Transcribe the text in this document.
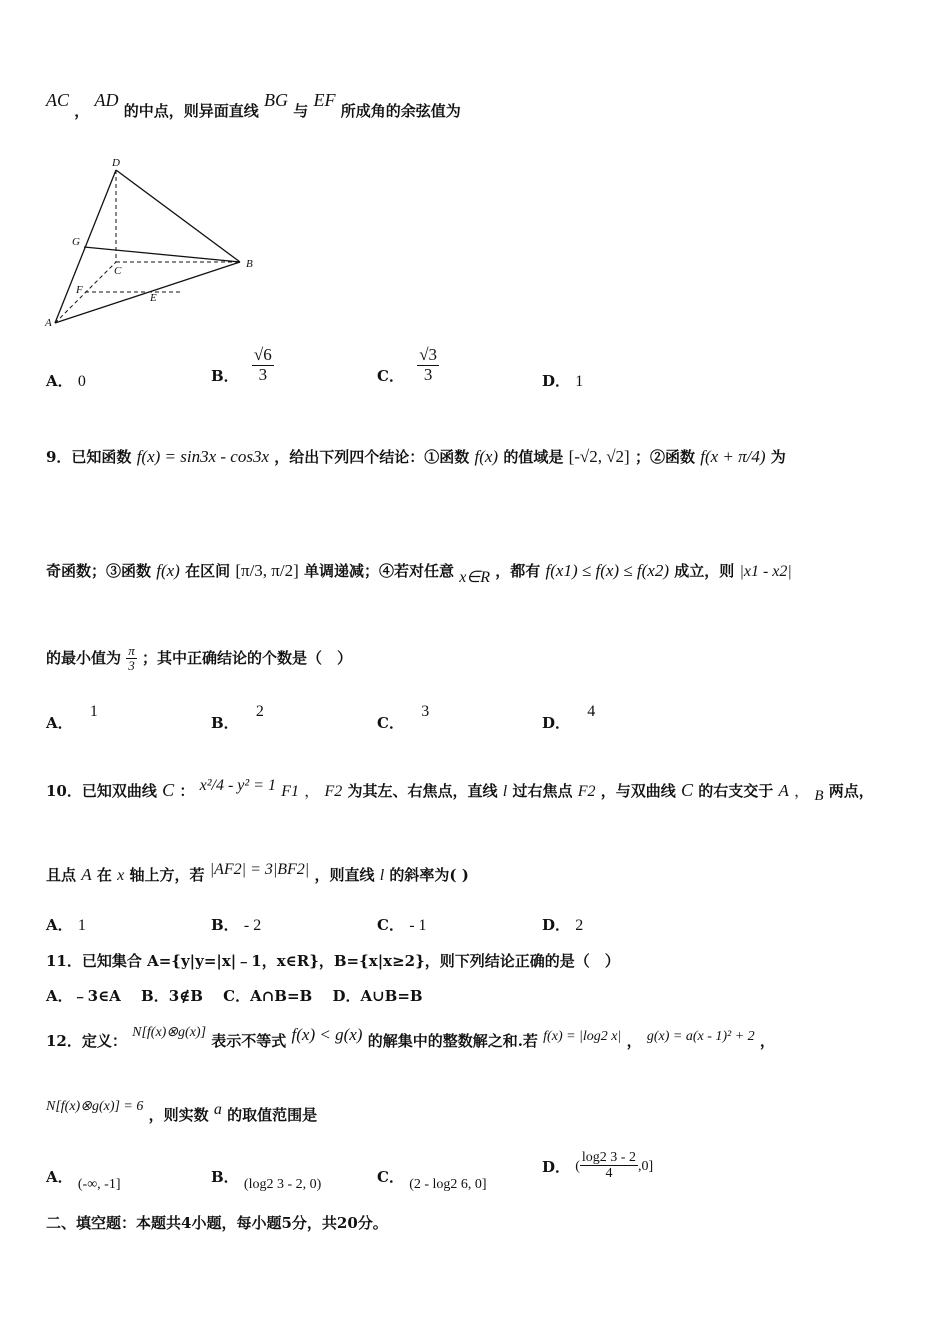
AC ， AD 的中点，则异面直线 BG 与 EF 所成角的余弦值为
D
G
C
B
F
E
A
A． 0	B． $\frac{√6}{3}$	C． $\frac{√3}{3}$	D． 1
9．已知函数 f(x) = sin3x - cos3x ，给出下列四个结论：①函数 f(x) 的值域是 [-√2, √2] ；②函数 f(x + π/4) 为
奇函数；③函数 f(x) 在区间 [π/3, π/2] 单调递减；④若对任意 x∈R ，都有 f(x1) ≤ f(x) ≤ f(x2) 成立，则 |x1 - x2|
的最小值为 $\frac{\pi}{3}$ ；其中正确结论的个数是（　）
A． 1
B． 2
C． 3
D． 4
10．已知双曲线 C ： x²/4 - y² = 1 F1 ， F2 为其左、右焦点，直线 l 过右焦点 F2 ，与双曲线 C 的右支交于 A ， B 两点，
且点 A 在 x 轴上方，若 |AF2| = 3|BF2| ，则直线 l 的斜率为( )
A． 1	B． - 2	C． - 1	D． 2
11．已知集合 A={y|y=|x|﹣1，x∈R}，B={x|x≥2}，则下列结论正确的是（　）
A．﹣3∈A　 B．3∉B　 C．A∩B=B　 D．A∪B=B
12．定义： N[f(x)⊗g(x)] 表示不等式 f(x) < g(x) 的解集中的整数解之和.若 f(x) = |log2 x| ， g(x) = a(x - 1)² + 2 ，
N[f(x)⊗g(x)] = 6 ，则实数 a 的取值范围是
A． (-∞, -1]	B． (log2 3 - 2, 0)	C． (2 - log2 6, 0]
D． ( $\frac{\log 2 3 - 2}{4} ,0$]
二、填空题：本题共4小题，每小题5分，共20分。
